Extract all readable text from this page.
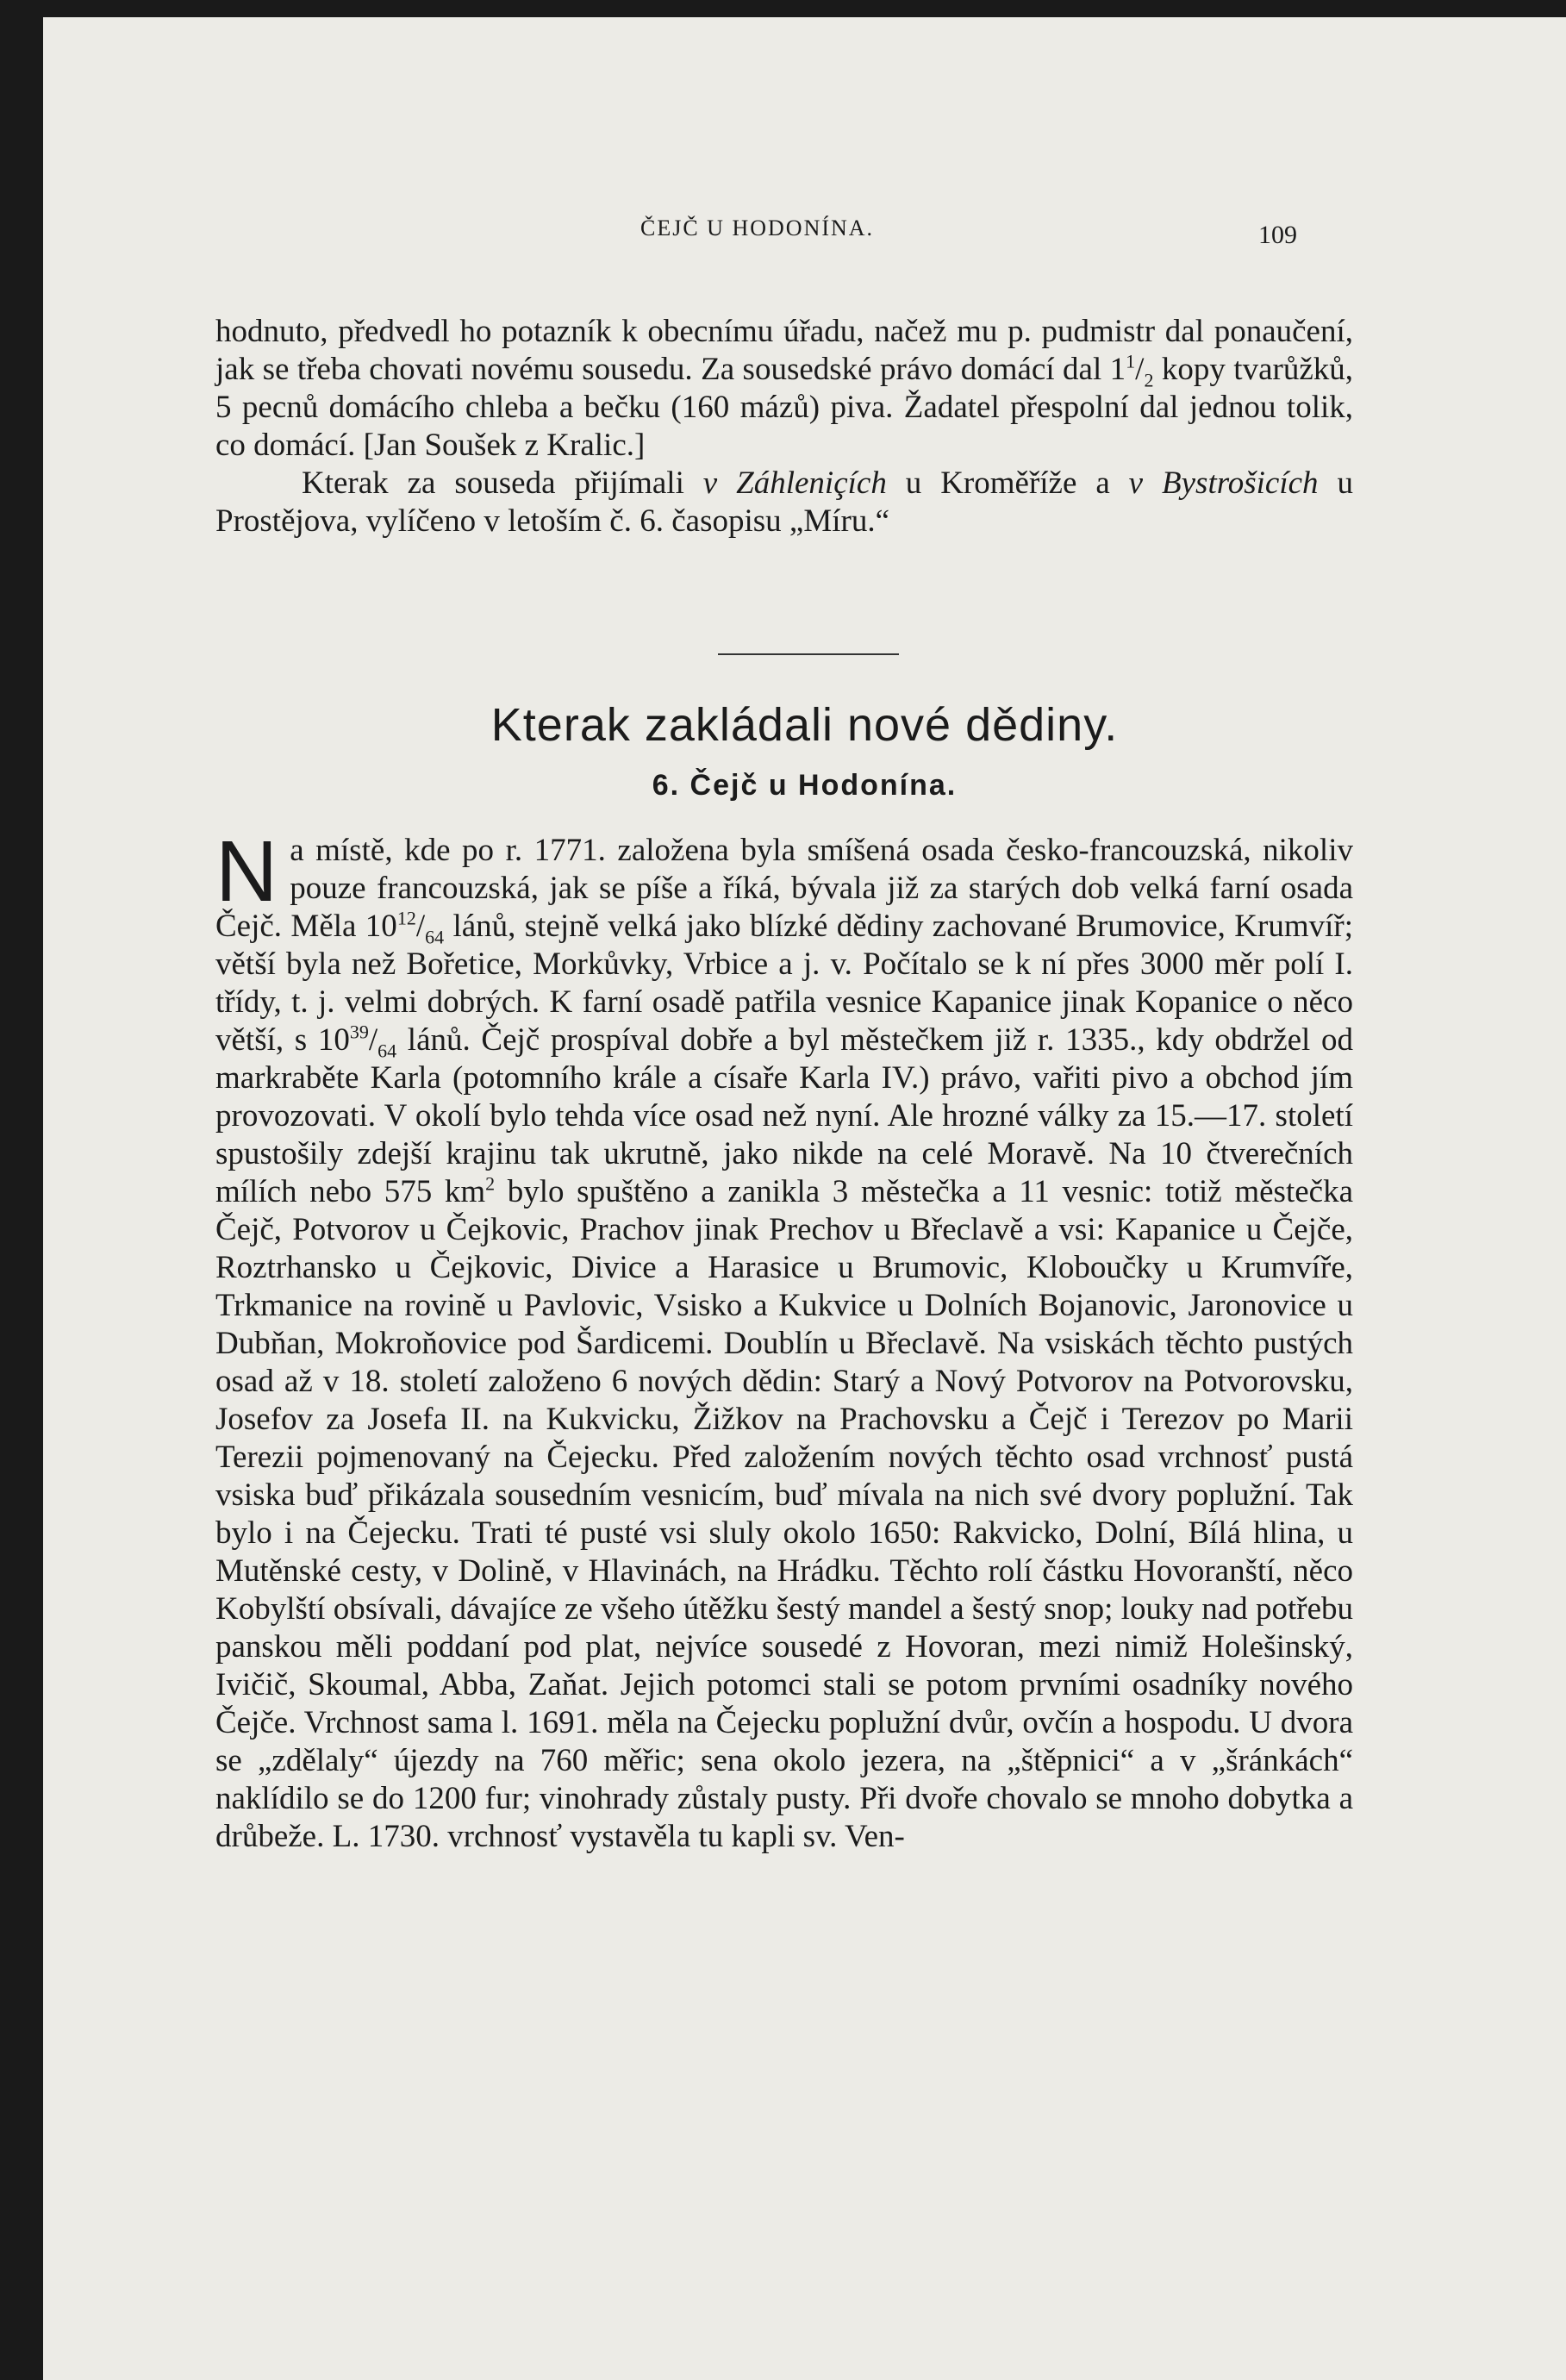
ČEJČ U HODONÍNA.	109

hodnuto, předvedl ho potazník k obecnímu úřadu, načež mu p. pudmistr dal ponaučení, jak se třeba chovati novému sousedu. Za sousedské právo domácí dal $1^1/_2$ kopy tvarůžků, 5 pecnů domácího chleba a bečku (160 mázů) piva. Žadatel přespolní dal jednou tolik, co domácí. [Jan Soušek z Kralic.]

Kterak za souseda přijímali v Záhleniçích u Kroměříže a v Bystrošicích u Prostějova, vylíčeno v letoším č. 6. časopisu „Míru.“

Kterak zakládali nové dědiny.
6. Čejč u Hodonína.

Na místě, kde po r. 1771. založena byla smíšená osada česko-francouzská, nikoliv pouze francouzská, jak se píše a říká, bývala již za starých dob velká farní osada Čejč. Měla $10^{12}/_{64}$ lánů, stejně velká jako blízké dědiny zachované Brumovice, Krumvíř; větší byla než Bořetice, Morkůvky, Vrbice a j. v. Počítalo se k ní přes 3000 měr polí I. třídy, t. j. velmi dobrých. K farní osadě patřila vesnice Kapanice jinak Kopanice o něco větší, s $10^{39}/_{64}$ lánů. Čejč prospíval dobře a byl městečkem již r. 1335., kdy obdržel od markraběte Karla (potomního krále a císaře Karla IV.) právo, vařiti pivo a obchod jím provozovati. V okolí bylo tehda více osad než nyní. Ale hrozné války za 15.—17. století spustošily zdejší krajinu tak ukrutně, jako nikde na celé Moravě. Na 10 čtverečních mílích nebo 575 $km^2$ bylo spuštěno a zanikla 3 městečka a 11 vesnic: totiž městečka Čejč, Potvorov u Čejkovic, Prachov jinak Prechov u Břeclavě a vsi: Kapanice u Čejče, Roztrhansko u Čejkovic, Divice a Harasice u Brumovic, Kloboučky u Krumvíře, Trkmanice na rovině u Pavlovic, Vsisko a Kukvice u Dolních Bojanovic, Jaronovice u Dubňan, Mokroňovice pod Šardicemi. Doublín u Břeclavě. Na vsiskách těchto pustých osad až v 18. století založeno 6 nových dědin: Starý a Nový Potvorov na Potvorovsku, Josefov za Josefa II. na Kukvicku, Žižkov na Prachovsku a Čejč i Terezov po Marii Terezii pojmenovaný na Čejecku. Před založením nových těchto osad vrchnosť pustá vsiska buď přikázala sousedním vesnicím, buď mívala na nich své dvory poplužní. Tak bylo i na Čejecku. Trati té pusté vsi sluly okolo 1650: Rakvicko, Dolní, Bílá hlina, u Mutěnské cesty, v Dolině, v Hlavinách, na Hrádku. Těchto rolí částku Hovoranští, něco Kobylští obsívali, dávajíce ze všeho útěžku šestý mandel a šestý snop; louky nad potřebu panskou měli poddaní pod plat, nejvíce sousedé z Hovoran, mezi nimiž Holešinský, Ivičič, Skoumal, Abba, Zaňat. Jejich potomci stali se potom prvními osadníky nového Čejče. Vrchnost sama l. 1691. měla na Čejecku poplužní dvůr, ovčín a hospodu. U dvora se „zdělaly“ újezdy na 760 měřic; sena okolo jezera, na „štěpnici“ a v „šránkách“ naklídilo se do 1200 fur; vinohrady zůstaly pusty. Při dvoře chovalo se mnoho dobytka a drůbeže. L. 1730. vrchnosť vystavěla tu kapli sv. Ven-
